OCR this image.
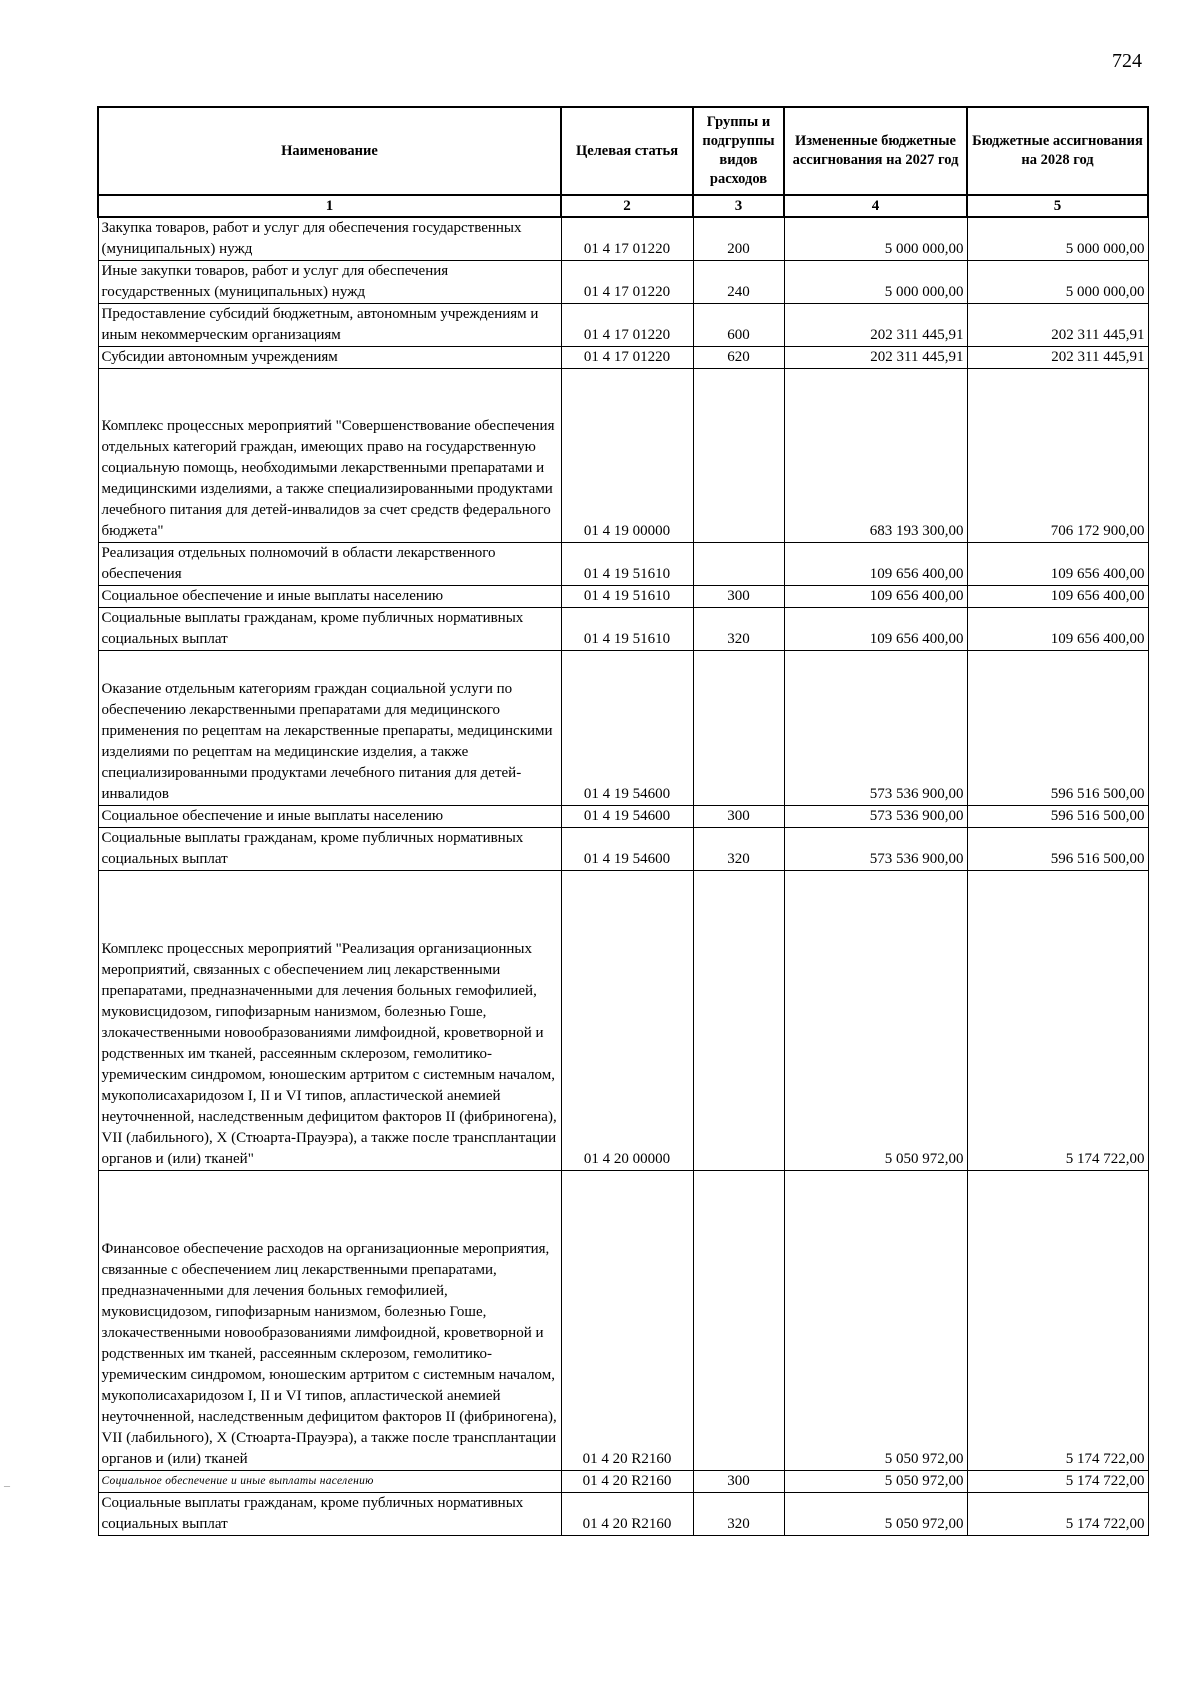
724
–
Наименование	Целевая статья	Группы и подгруппы видов расходов	Измененные бюджетные ассигнования на 2027 год	Бюджетные ассигнования на 2028 год
1	2	3	4	5
Закупка товаров, работ и услуг для обеспечения государственных (муниципальных) нужд	01 4 17 01220	200	5 000 000,00	5 000 000,00
Иные закупки товаров, работ и услуг для обеспечения государственных (муниципальных) нужд	01 4 17 01220	240	5 000 000,00	5 000 000,00
Предоставление субсидий бюджетным, автономным учреждениям и иным некоммерческим организациям	01 4 17 01220	600	202 311 445,91	202 311 445,91
Субсидии автономным учреждениям	01 4 17 01220	620	202 311 445,91	202 311 445,91
Комплекс процессных мероприятий "Совершенствование обеспечения отдельных категорий граждан, имеющих право на государственную социальную помощь, необходимыми лекарственными препаратами и медицинскими изделиями, а также специализированными продуктами лечебного питания для детей-инвалидов за счет средств федерального бюджета"	01 4 19 00000		683 193 300,00	706 172 900,00
Реализация отдельных полномочий в области лекарственного обеспечения	01 4 19 51610		109 656 400,00	109 656 400,00
Социальное обеспечение и иные выплаты населению	01 4 19 51610	300	109 656 400,00	109 656 400,00
Социальные выплаты гражданам, кроме публичных нормативных социальных выплат	01 4 19 51610	320	109 656 400,00	109 656 400,00
Оказание отдельным категориям граждан социальной услуги по обеспечению лекарственными препаратами для медицинского применения по рецептам на лекарственные препараты, медицинскими изделиями по рецептам на медицинские изделия, а также специализированными продуктами лечебного питания для детей-инвалидов	01 4 19 54600		573 536 900,00	596 516 500,00
Социальное обеспечение и иные выплаты населению	01 4 19 54600	300	573 536 900,00	596 516 500,00
Социальные выплаты гражданам, кроме публичных нормативных социальных выплат	01 4 19 54600	320	573 536 900,00	596 516 500,00
Комплекс процессных мероприятий "Реализация организационных мероприятий, связанных с обеспечением лиц лекарственными препаратами, предназначенными для лечения больных гемофилией, муковисцидозом, гипофизарным нанизмом, болезнью Гоше, злокачественными новообразованиями лимфоидной, кроветворной и родственных им тканей, рассеянным склерозом, гемолитико-уремическим синдромом, юношеским артритом с системным началом, мукополисахаридозом I, II и VI типов, апластической анемией неуточненной, наследственным дефицитом факторов II (фибриногена), VII (лабильного), X (Стюарта-Прауэра), а также после трансплантации органов и (или) тканей"	01 4 20 00000		5 050 972,00	5 174 722,00
Финансовое обеспечение расходов на организационные мероприятия, связанные с обеспечением лиц лекарственными препаратами, предназначенными для лечения больных гемофилией, муковисцидозом, гипофизарным нанизмом, болезнью Гоше, злокачественными новообразованиями лимфоидной, кроветворной и родственных им тканей, рассеянным склерозом, гемолитико-уремическим синдромом, юношеским артритом с системным началом, мукополисахаридозом I, II и VI типов, апластической анемией неуточненной, наследственным дефицитом факторов II (фибриногена), VII (лабильного), X (Стюарта-Прауэра), а также после трансплантации органов и (или) тканей	01 4 20 R2160		5 050 972,00	5 174 722,00
Социальное обеспечение и иные выплаты населению	01 4 20 R2160	300	5 050 972,00	5 174 722,00
Социальные выплаты гражданам, кроме публичных нормативных социальных выплат	01 4 20 R2160	320	5 050 972,00	5 174 722,00
